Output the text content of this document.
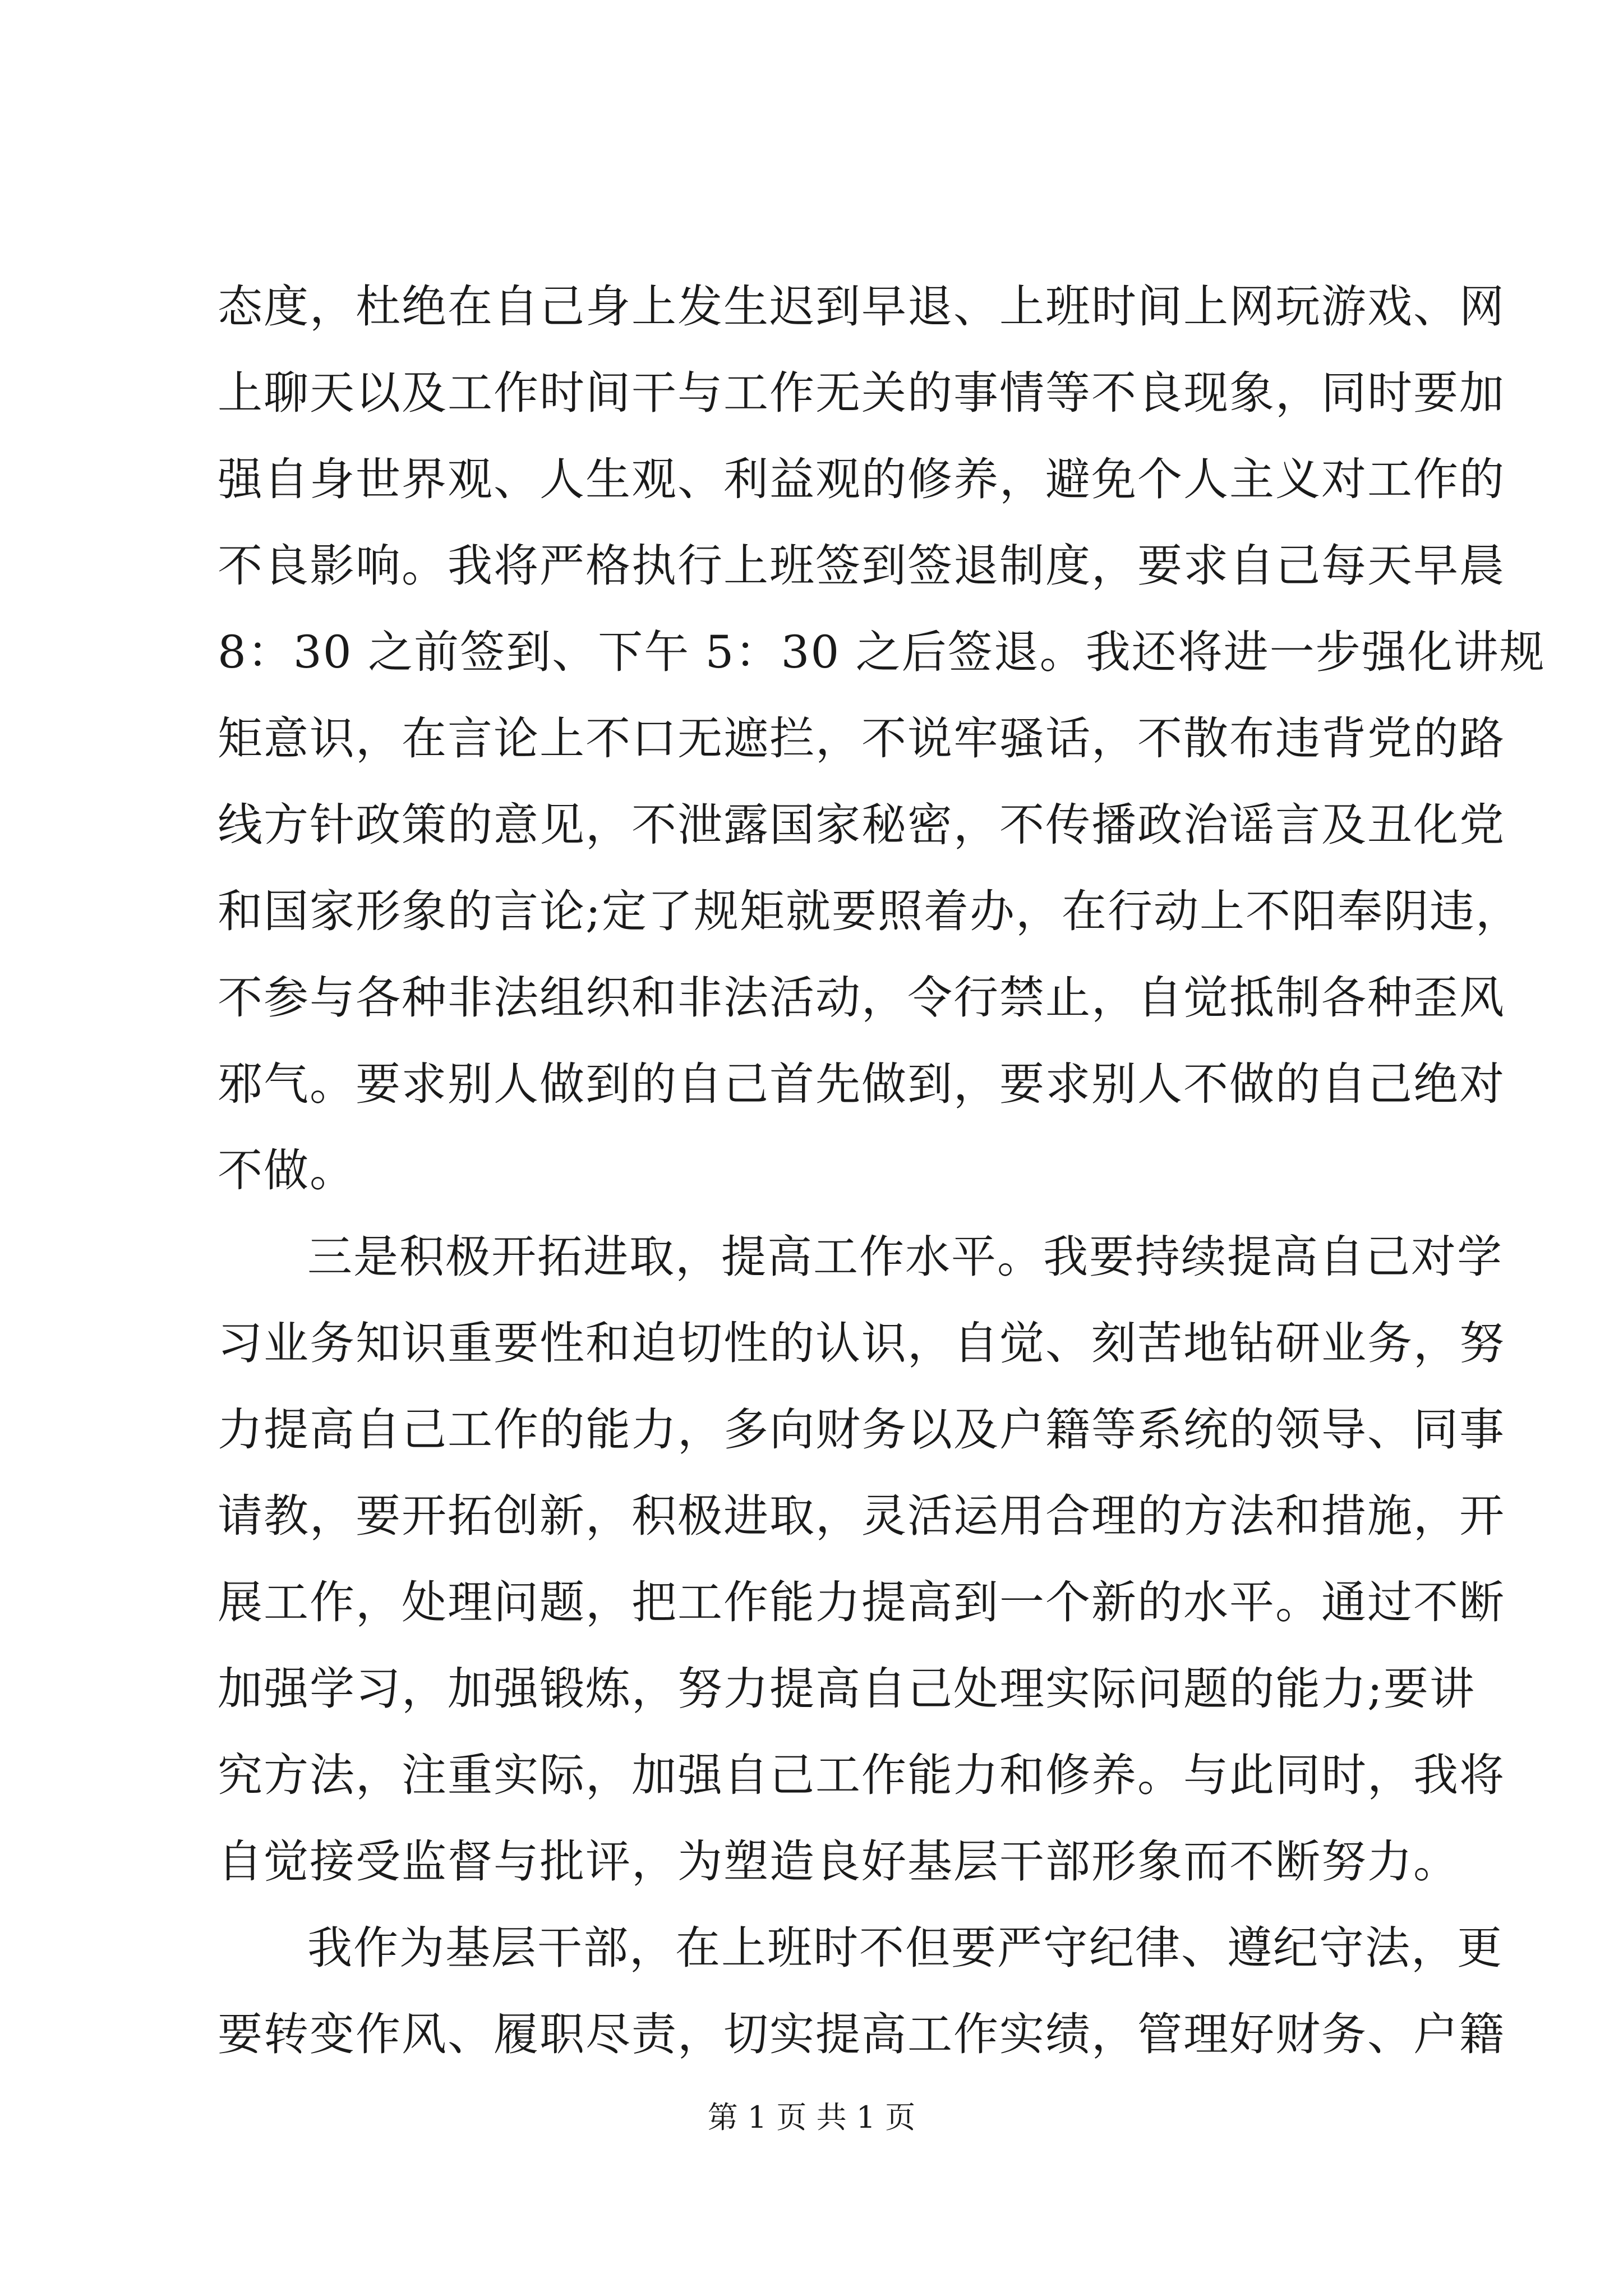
态度，杜绝在自己身上发生迟到早退、上班时间上网玩游戏、网
上聊天以及工作时间干与工作无关的事情等不良现象，同时要加
强自身世界观、人生观、利益观的修养，避免个人主义对工作的
不良影响。我将严格执行上班签到签退制度，要求自己每天早晨
8：30 之前签到、下午 5：30 之后签退。我还将进一步强化讲规
矩意识，在言论上不口无遮拦，不说牢骚话，不散布违背党的路
线方针政策的意见，不泄露国家秘密，不传播政治谣言及丑化党
和国家形象的言论;定了规矩就要照着办，在行动上不阳奉阴违，
不参与各种非法组织和非法活动，令行禁止，自觉抵制各种歪风
邪气。要求别人做到的自己首先做到，要求别人不做的自己绝对
不做。
三是积极开拓进取，提高工作水平。我要持续提高自己对学
习业务知识重要性和迫切性的认识，自觉、刻苦地钻研业务，努
力提高自己工作的能力，多向财务以及户籍等系统的领导、同事
请教，要开拓创新，积极进取，灵活运用合理的方法和措施，开
展工作，处理问题，把工作能力提高到一个新的水平。通过不断
加强学习，加强锻炼，努力提高自己处理实际问题的能力;要讲
究方法，注重实际，加强自己工作能力和修养。与此同时，我将
自觉接受监督与批评，为塑造良好基层干部形象而不断努力。
我作为基层干部，在上班时不但要严守纪律、遵纪守法，更
要转变作风、履职尽责，切实提高工作实绩，管理好财务、户籍
第 1 页 共 1 页
